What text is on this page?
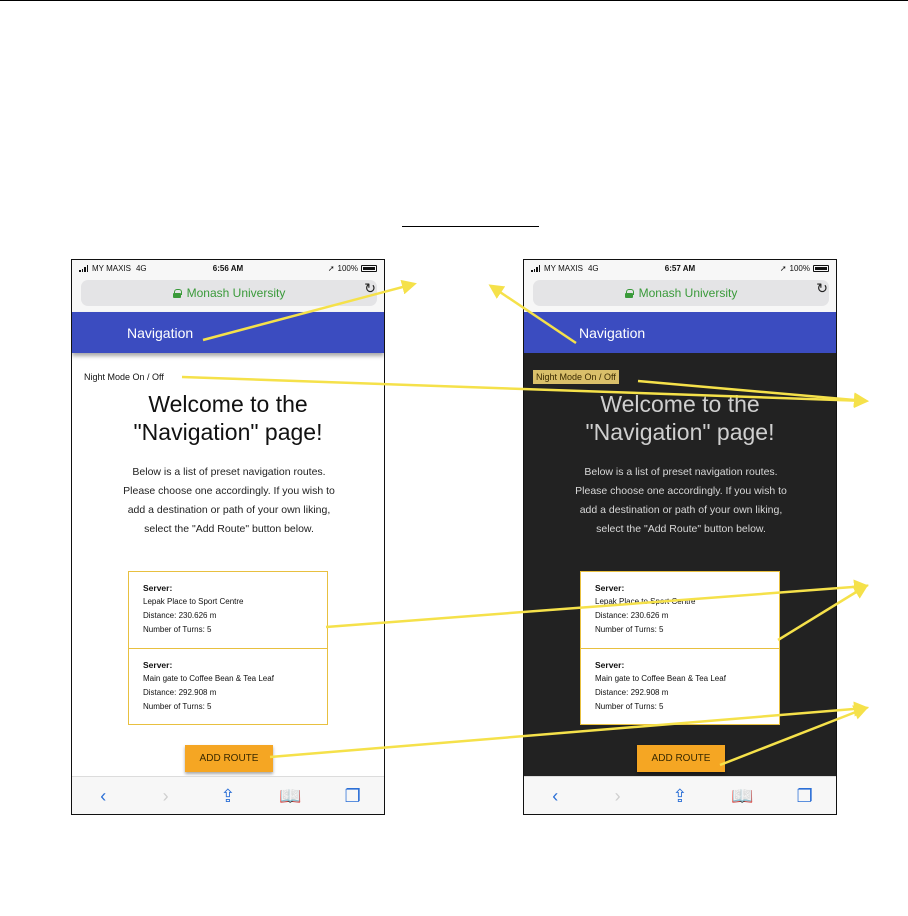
MY MAXIS 4G	6:56 AM	➚ 100%
Monash University	↻
Navigation
Night Mode On / Off
Welcome to the
"Navigation" page!
Below is a list of preset navigation routes.
Please choose one accordingly. If you wish to
add a destination or path of your own liking,
select the "Add Route" button below.
Server:
Lepak Place to Sport Centre
Distance: 230.626 m
Number of Turns: 5
Server:
Main gate to Coffee Bean & Tea Leaf
Distance: 292.908 m
Number of Turns: 5
ADD ROUTE
‹	›	⇪ 📖 ❐
MY MAXIS 4G	6:57 AM	➚ 100%
Monash University	↻
Navigation
Night Mode On / Off
Welcome to the
"Navigation" page!
Below is a list of preset navigation routes.
Please choose one accordingly. If you wish to
add a destination or path of your own liking,
select the "Add Route" button below.
Server:
Lepak Place to Sport Centre
Distance: 230.626 m
Number of Turns: 5
Server:
Main gate to Coffee Bean & Tea Leaf
Distance: 292.908 m
Number of Turns: 5
ADD ROUTE
‹	›	⇪ 📖 ❐
